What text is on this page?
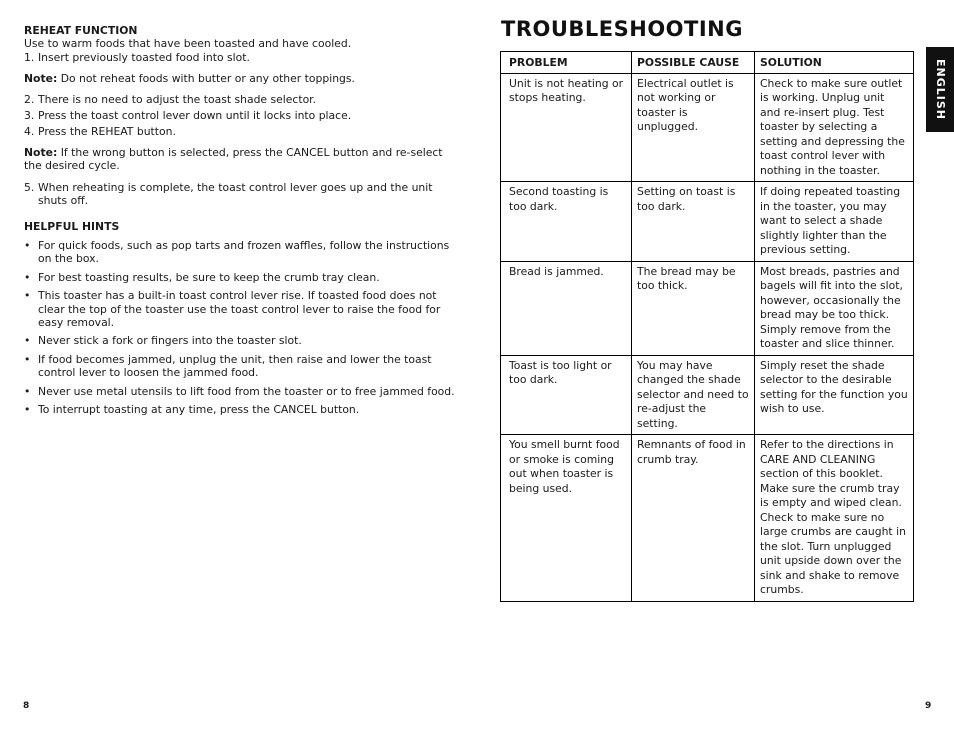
REHEAT FUNCTION

Use to warm foods that have been toasted and have cooled.

1. Insert previously toasted food into slot.

Note: Do not reheat foods with butter or any other toppings.

2. There is no need to adjust the toast shade selector.

3. Press the toast control lever down until it locks into place.

4. Press the REHEAT button.

Note: If the wrong button is selected, press the CANCEL button and re-select the desired cycle.

5. When reheating is complete, the toast control lever goes up and the unit shuts off.

HELPFUL HINTS

• For quick foods, such as pop tarts and frozen waffles, follow the instructions on the box.
• For best toasting results, be sure to keep the crumb tray clean.
• This toaster has a built-in toast control lever rise. If toasted food does not clear the top of the toaster use the toast control lever to raise the food for easy removal.
• Never stick a fork or fingers into the toaster slot.
• If food becomes jammed, unplug the unit, then raise and lower the toast control lever to loosen the jammed food.
• Never use metal utensils to lift food from the toaster or to free jammed food.
• To interrupt toasting at any time, press the CANCEL button.
TROUBLESHOOTING
PROBLEM	POSSIBLE CAUSE	SOLUTION
Unit is not heating or stops heating.	Electrical outlet is not working or toaster is unplugged.	Check to make sure outlet is working. Unplug unit and re-insert plug. Test toaster by selecting a setting and depressing the toast control lever with nothing in the toaster.
Second toasting is too dark.	Setting on toast is too dark.	If doing repeated toasting in the toaster, you may want to select a shade slightly lighter than the previous setting.
Bread is jammed.	The bread may be too thick.	Most breads, pastries and bagels will fit into the slot, however, occasionally the bread may be too thick. Simply remove from the toaster and slice thinner.
Toast is too light or too dark.	You may have changed the shade selector and need to re-adjust the setting.	Simply reset the shade selector to the desirable setting for the function you wish to use.
You smell burnt food or smoke is coming out when toaster is being used.	Remnants of food in crumb tray.	Refer to the directions in CARE AND CLEANING section of this booklet. Make sure the crumb tray is empty and wiped clean. Check to make sure no large crumbs are caught in the slot. Turn unplugged unit upside down over the sink and shake to remove crumbs.
ENGLISH
8	9
